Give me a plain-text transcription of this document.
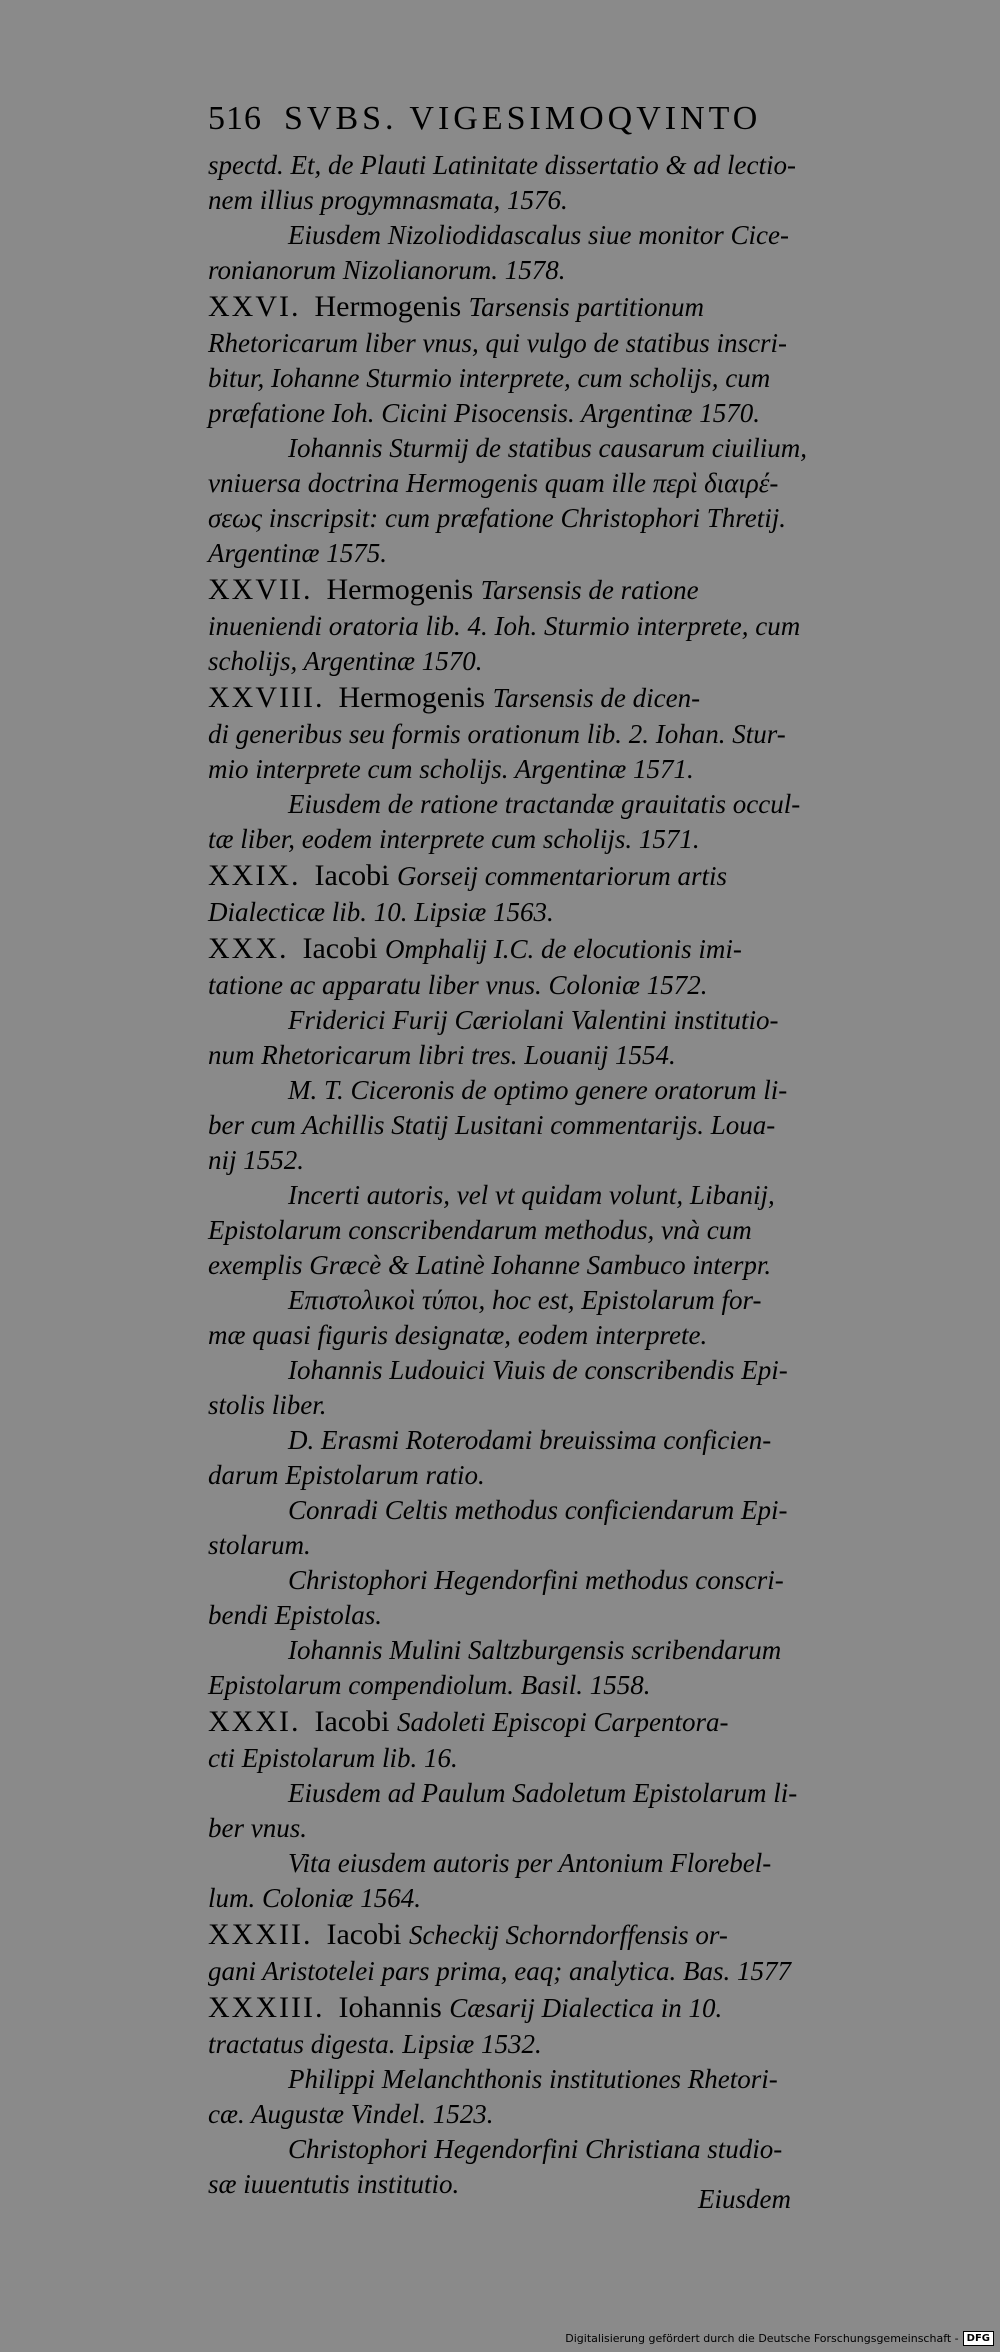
516 SVBS. VIGESIMOQVINTO
spectd. Et, de Plauti Latinitate dissertatio & ad lectio-
nem illius progymnasmata, 1576.
Eiusdem Nizoliodidascalus siue monitor Cice-
ronianorum Nizolianorum. 1578.
XXVI. Hermogenis Tarsensis partitionum
Rhetoricarum liber vnus, qui vulgo de statibus inscri-
bitur, Iohanne Sturmio interprete, cum scholijs, cum
præfatione Ioh. Cicini Pisocensis. Argentinæ 1570.
Iohannis Sturmij de statibus causarum ciuilium,
vniuersa doctrina Hermogenis quam ille περὶ διαιρέ-
σεως inscripsit: cum præfatione Christophori Thretij.
Argentinæ 1575.
XXVII. Hermogenis Tarsensis de ratione
inueniendi oratoria lib. 4. Ioh. Sturmio interprete, cum
scholijs, Argentinæ 1570.
XXVIII. Hermogenis Tarsensis de dicen-
di generibus seu formis orationum lib. 2. Iohan. Stur-
mio interprete cum scholijs. Argentinæ 1571.
Eiusdem de ratione tractandæ grauitatis occul-
tæ liber, eodem interprete cum scholijs. 1571.
XXIX. Iacobi Gorseij commentariorum artis
Dialecticæ lib. 10. Lipsiæ 1563.
XXX. Iacobi Omphalij I.C. de elocutionis imi-
tatione ac apparatu liber vnus. Coloniæ 1572.
Friderici Furij Cæriolani Valentini institutio-
num Rhetoricarum libri tres. Louanij 1554.
M. T. Ciceronis de optimo genere oratorum li-
ber cum Achillis Statij Lusitani commentarijs. Loua-
nij 1552.
Incerti autoris, vel vt quidam volunt, Libanij,
Epistolarum conscribendarum methodus, vnà cum
exemplis Græcè & Latinè Iohanne Sambuco interpr.
Επιστολικοὶ τύποι, hoc est, Epistolarum for-
mæ quasi figuris designatæ, eodem interprete.
Iohannis Ludouici Viuis de conscribendis Epi-
stolis liber.
D. Erasmi Roterodami breuissima conficien-
darum Epistolarum ratio.
Conradi Celtis methodus conficiendarum Epi-
stolarum.
Christophori Hegendorfini methodus conscri-
bendi Epistolas.
Iohannis Mulini Saltzburgensis scribendarum
Epistolarum compendiolum. Basil. 1558.
XXXI. Iacobi Sadoleti Episcopi Carpentora-
cti Epistolarum lib. 16.
Eiusdem ad Paulum Sadoletum Epistolarum li-
ber vnus.
Vita eiusdem autoris per Antonium Florebel-
lum. Coloniæ 1564.
XXXII. Iacobi Scheckij Schorndorffensis or-
gani Aristotelei pars prima, eaq; analytica. Bas. 1577
XXXIII. Iohannis Cæsarij Dialectica in 10.
tractatus digesta. Lipsiæ 1532.
Philippi Melanchthonis institutiones Rhetori-
cæ. Augustæ Vindel. 1523.
Christophori Hegendorfini Christiana studio-
sæ iuuentutis institutio.	Eiusdem
Digitalisierung gefördert durch die Deutsche Forschungsgemeinschaft - DFG
